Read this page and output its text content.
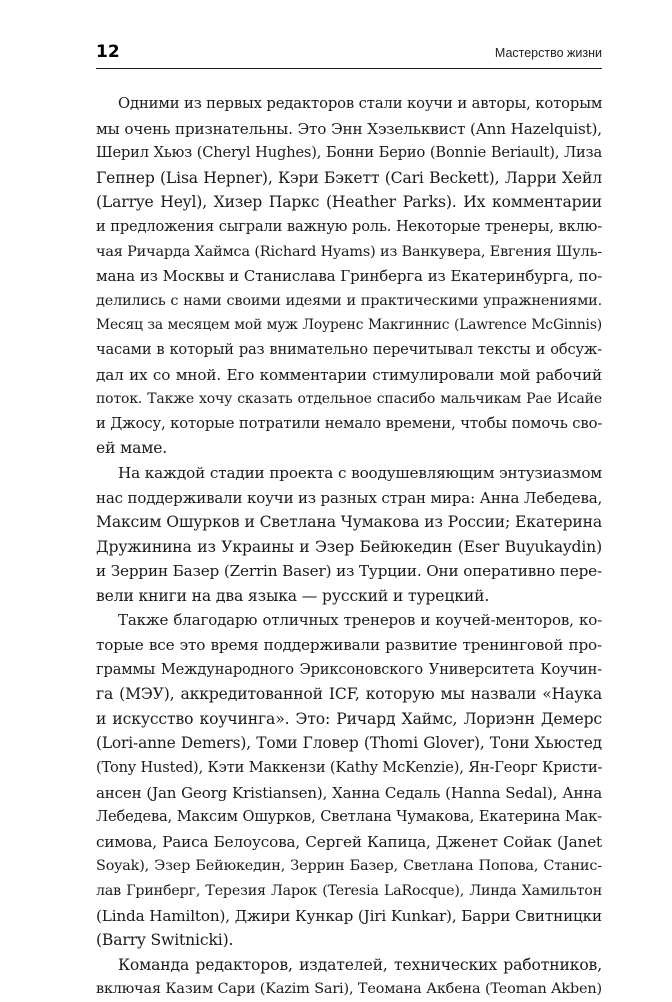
12	Мастерство жизни
Одними из первых редакторов стали коучи и авторы, которым
мы очень признательны. Это Энн Хэзельквист (Ann Hazelquist),
Шерил Хьюз (Cheryl Hughes), Бонни Берио (Bonnie Beriault), Лиза
Гепнер (Lisa Hepner), Кэри Бэкетт (Cari Beckett), Ларри Хейл
(Larrye Heyl), Хизер Паркс (Heather Parks). Их комментарии
и предложения сыграли важную роль. Некоторые тренеры, вклю-
чая Ричарда Хаймса (Richard Hyams) из Ванкувера, Евгения Шуль-
мана из Москвы и Станислава Гринберга из Екатеринбурга, по-
делились с нами своими идеями и практическими упражнениями.
Месяц за месяцем мой муж Лоуренс Макгиннис (Lawrence McGinnis)
часами в который раз внимательно перечитывал тексты и обсуж-
дал их со мной. Его комментарии стимулировали мой рабочий
поток. Также хочу сказать отдельное спасибо мальчикам Рае Исайе
и Джосу, которые потратили немало времени, чтобы помочь сво-
ей маме.
На каждой стадии проекта с воодушевляющим энтузиазмом
нас поддерживали коучи из разных стран мира: Анна Лебедева,
Максим Ошурков и Светлана Чумакова из России; Екатерина
Дружинина из Украины и Эзер Бейюкедин (Eser Buyukaydin)
и Зеррин Базер (Zerrin Baser) из Турции. Они оперативно пере-
вели книги на два языка — русский и турецкий.
Также благодарю отличных тренеров и коучей-менторов, ко-
торые все это время поддерживали развитие тренинговой про-
граммы Международного Эриксоновского Университета Коучин-
га (МЭУ), аккредитованной ICF, которую мы назвали «Наука
и искусство коучинга». Это: Ричард Хаймс, Лориэнн Демерс
(Lori-anne Demers), Томи Гловер (Thomi Glover), Тони Хьюстед
(Tony Husted), Кэти Маккензи (Kathy McKenzie), Ян-Георг Кристи-
ансен (Jan Georg Kristiansen), Ханна Седаль (Hanna Sedal), Анна
Лебедева, Максим Ошурков, Светлана Чумакова, Екатерина Мак-
симова, Раиса Белоусова, Сергей Капица, Дженет Сойак (Janet
Soyak), Эзер Бейюкедин, Зеррин Базер, Светлана Попова, Станис-
лав Гринберг, Терезия Ларок (Teresia LaRocque), Линда Хамильтон
(Linda Hamilton), Джири Кункар (Jiri Kunkar), Барри Свитницки
(Barry Switnicki).
Команда редакторов, издателей, технических работников,
включая Казим Сари (Kazim Sari), Теомана Акбена (Teoman Akben)
